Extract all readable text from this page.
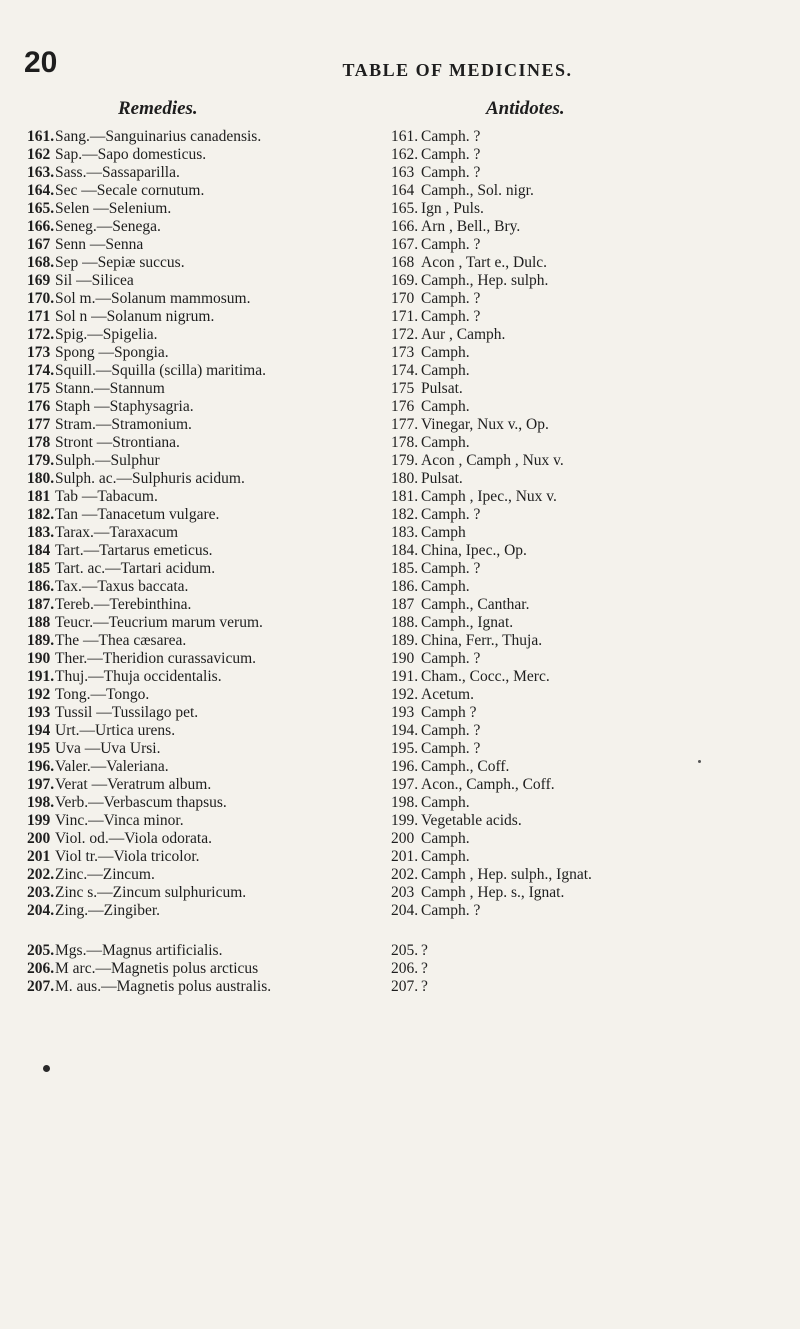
20	TABLE OF MEDICINES.
Remedies.	Antidotes.
161.Sang.—Sanguinarius canadensis.	161. Camph. ?
162 Sap.—Sapo domesticus.	162. Camph. ?
163.Sass.—Sassaparilla.	163 Camph. ?
164.Sec —Secale cornutum.	164 Camph., Sol. nigr.
165.Selen —Selenium.	165. Ign , Puls.
166.Seneg.—Senega.	166. Arn , Bell., Bry.
167 Senn —Senna	167. Camph. ?
168.Sep —Sepiæ succus.	168 Acon , Tart e., Dulc.
169 Sil —Silicea	169. Camph., Hep. sulph.
170.Sol m.—Solanum mammosum.	170 Camph. ?
171 Sol n —Solanum nigrum.	171. Camph. ?
172.Spig.—Spigelia.	172. Aur , Camph.
173 Spong —Spongia.	173 Camph.
174.Squill.—Squilla (scilla) maritima.	174. Camph.
175 Stann.—Stannum	175 Pulsat.
176 Staph —Staphysagria.	176 Camph.
177 Stram.—Stramonium.	177. Vinegar, Nux v., Op.
178 Stront —Strontiana.	178. Camph.
179.Sulph.—Sulphur	179. Acon , Camph , Nux v.
180.Sulph. ac.—Sulphuris acidum.	180. Pulsat.
181 Tab —Tabacum.	181. Camph , Ipec., Nux v.
182.Tan —Tanacetum vulgare.	182. Camph. ?
183.Tarax.—Taraxacum	183. Camph
184 Tart.—Tartarus emeticus.	184. China, Ipec., Op.
185 Tart. ac.—Tartari acidum.	185. Camph. ?
186.Tax.—Taxus baccata.	186. Camph.
187.Tereb.—Terebinthina.	187 Camph., Canthar.
188 Teucr.—Teucrium marum verum.	188. Camph., Ignat.
189.The —Thea cæsarea.	189. China, Ferr., Thuja.
190 Ther.—Theridion curassavicum.	190 Camph. ?
191.Thuj.—Thuja occidentalis.	191. Cham., Cocc., Merc.
192 Tong.—Tongo.	192. Acetum.
193 Tussil —Tussilago pet.	193 Camph ?
194 Urt.—Urtica urens.	194. Camph. ?
195 Uva —Uva Ursi.	195. Camph. ?
196.Valer.—Valeriana.	196. Camph., Coff.
197.Verat —Veratrum album.	197. Acon., Camph., Coff.
198.Verb.—Verbascum thapsus.	198. Camph.
199 Vinc.—Vinca minor.	199. Vegetable acids.
200 Viol. od.—Viola odorata.	200 Camph.
201 Viol tr.—Viola tricolor.	201. Camph.
202.Zinc.—Zincum.	202. Camph , Hep. sulph., Ignat.
203.Zinc s.—Zincum sulphuricum.	203 Camph , Hep. s., Ignat.
204.Zing.—Zingiber.	204. Camph. ?
205.Mgs.—Magnus artificialis.	205. ?
206.M arc.—Magnetis polus arcticus	206. ?
207.M. aus.—Magnetis polus australis.	207. ?
